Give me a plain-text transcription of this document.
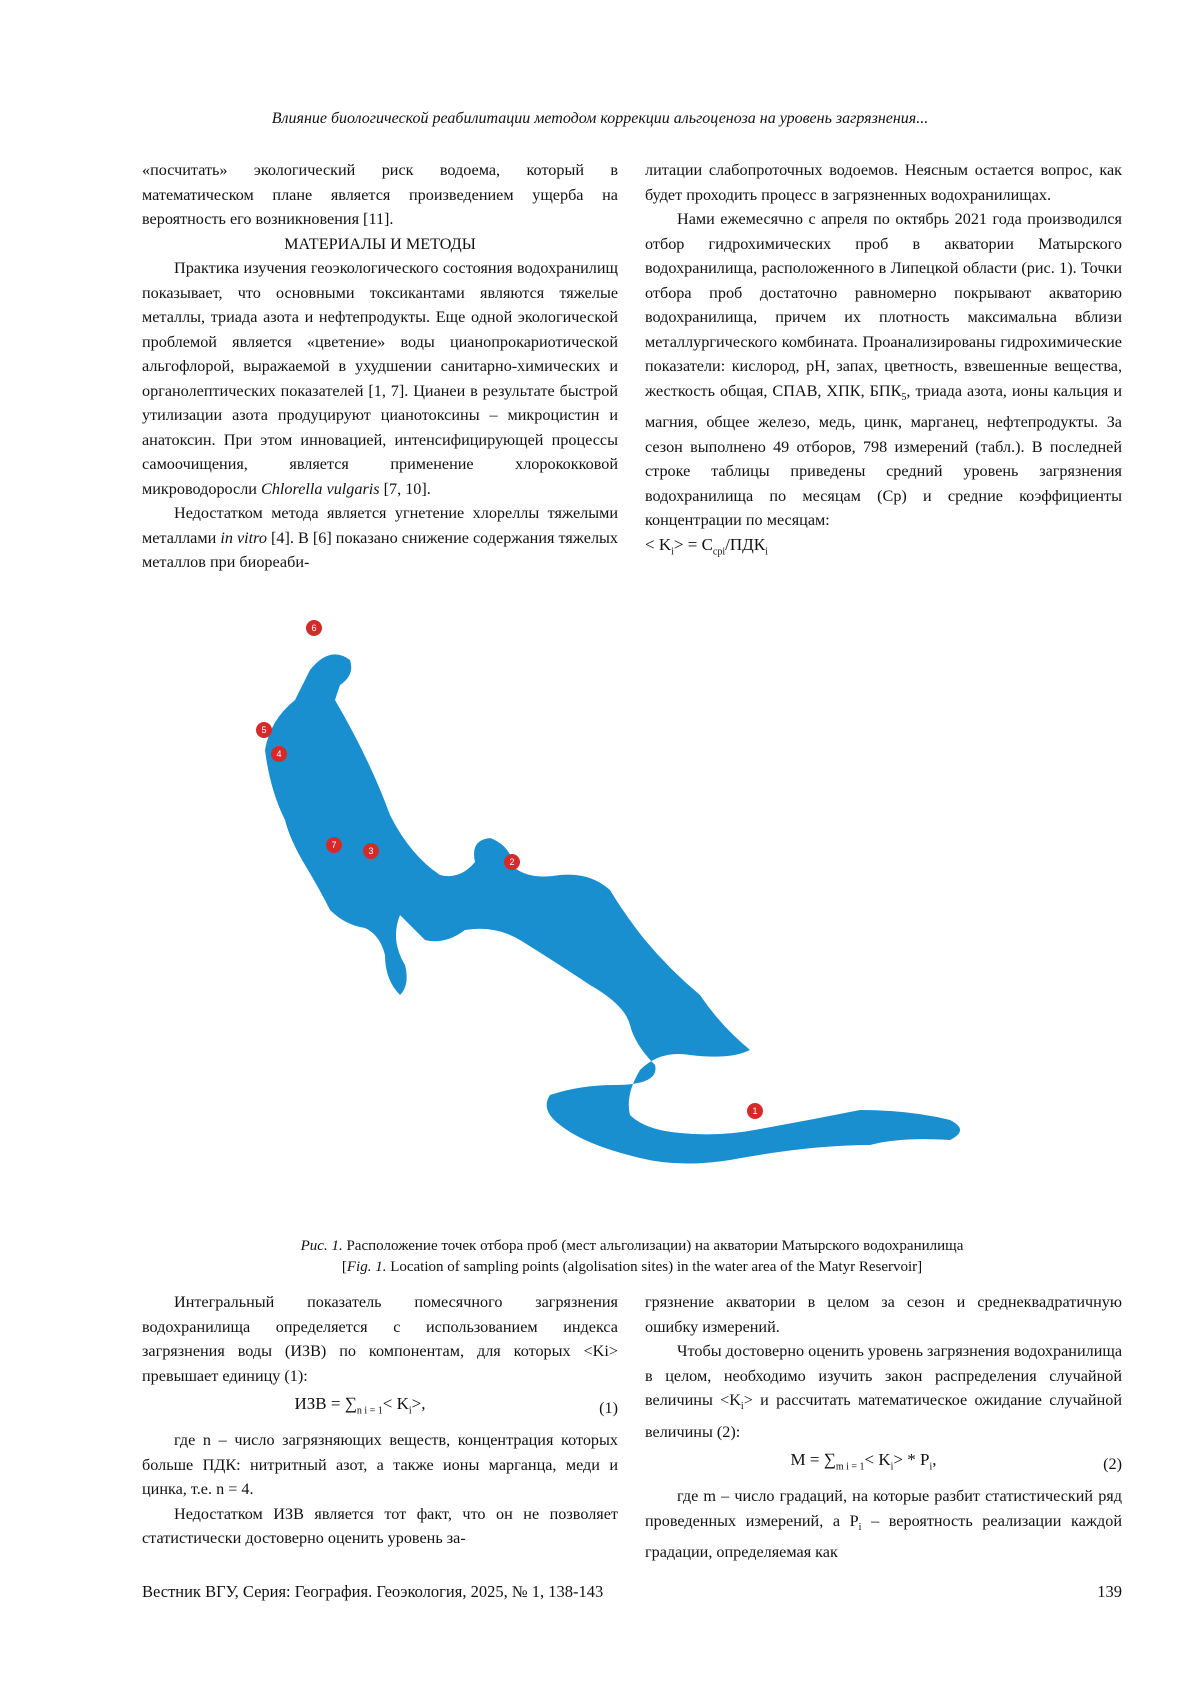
Влияние биологической реабилитации методом коррекции альгоценоза на уровень загрязнения...

«посчитать» экологический риск водоема, который в математическом плане является произведением ущерба на вероятность его возникновения [11].

МАТЕРИАЛЫ И МЕТОДЫ

Практика изучения геоэкологического состояния водохранилищ показывает, что основными токсикантами являются тяжелые металлы, триада азота и нефтепродукты. Еще одной экологической проблемой является «цветение» воды цианопрокариотической альгофлорой, выражаемой в ухудшении санитарно-химических и органолептических показателей [1, 7]. Цианеи в результате быстрой утилизации азота продуцируют цианотоксины – микроцистин и анатоксин. При этом инновацией, интенсифицирующей процессы самоочищения, является применение хлорококковой микроводоросли Chlorella vulgaris [7, 10].

Недостатком метода является угнетение хлореллы тяжелыми металлами in vitro [4]. В [6] показано снижение содержания тяжелых металлов при биореаби-

литации слабопроточных водоемов. Неясным остается вопрос, как будет проходить процесс в загрязненных водохранилищах.

Нами ежемесячно с апреля по октябрь 2021 года производился отбор гидрохимических проб в акватории Матырского водохранилища, расположенного в Липецкой области (рис. 1). Точки отбора проб достаточно равномерно покрывают акваторию водохранилища, причем их плотность максимальна вблизи металлургического комбината. Проанализированы гидрохимические показатели: кислород, pH, запах, цветность, взвешенные вещества, жесткость общая, СПАВ, ХПК, БПК5, триада азота, ионы кальция и магния, общее железо, медь, цинк, марганец, нефтепродукты. За сезон выполнено 49 отборов, 798 измерений (табл.). В последней строке таблицы приведены средний уровень загрязнения водохранилища по месяцам (Ср) и средние коэффициенты концентрации по месяцам:

< Ki> = Cсрi/ПДКi

1
2
3
4
5
6
7
Рис. 1. Расположение точек отбора проб (мест альголизации) на акватории Матырского водохранилища
[Fig. 1. Location of sampling points (algolisation sites) in the water area of the Matyr Reservoir]

Интегральный показатель помесячного загрязнения водохранилища определяется с использованием индекса загрязнения воды (ИЗВ) по компонентам, для которых <Ki> превышает единицу (1):

ИЗВ = ∑n i = 1< Ki>,	(1)

где n – число загрязняющих веществ, концентрация которых больше ПДК: нитритный азот, а также ионы марганца, меди и цинка, т.е. n = 4.

Недостатком ИЗВ является тот факт, что он не позволяет статистически достоверно оценить уровень за-

грязнение акватории в целом за сезон и среднеквадратичную ошибку измерений.

Чтобы достоверно оценить уровень загрязнения водохранилища в целом, необходимо изучить закон распределения случайной величины <Ki> и рассчитать математическое ожидание случайной величины (2):

M = ∑m i = 1< Ki> * Pi,	(2)

где m – число градаций, на которые разбит статистический ряд проведенных измерений, а Pi – вероятность реализации каждой градации, определяемая как

Вестник ВГУ, Серия: География. Геоэкология, 2025, № 1, 138-143	139
